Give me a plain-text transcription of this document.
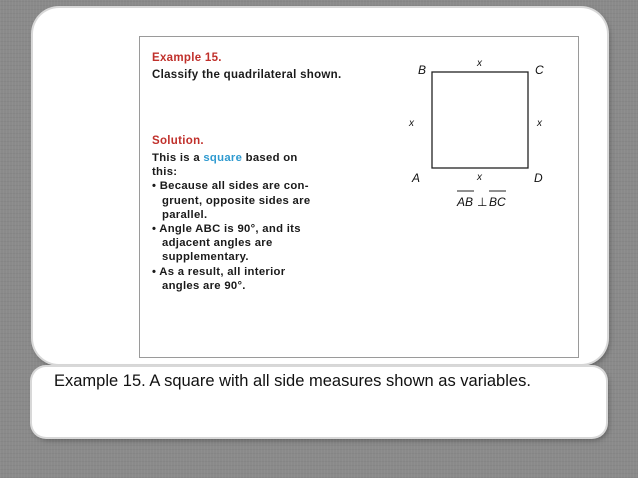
Example 15.
Classify the quadrilateral shown.
Solution.
This is a square based on
this:
• Because all sides are con-
gruent, opposite sides are
parallel.
• Angle ABC is 90°, and its
adjacent angles are
supplementary.
• As a result, all interior
angles are 90°.
B	C
A	D
x
x	x
x
AB ⊥ BC
Example 15. A square with all side measures shown as variables.
